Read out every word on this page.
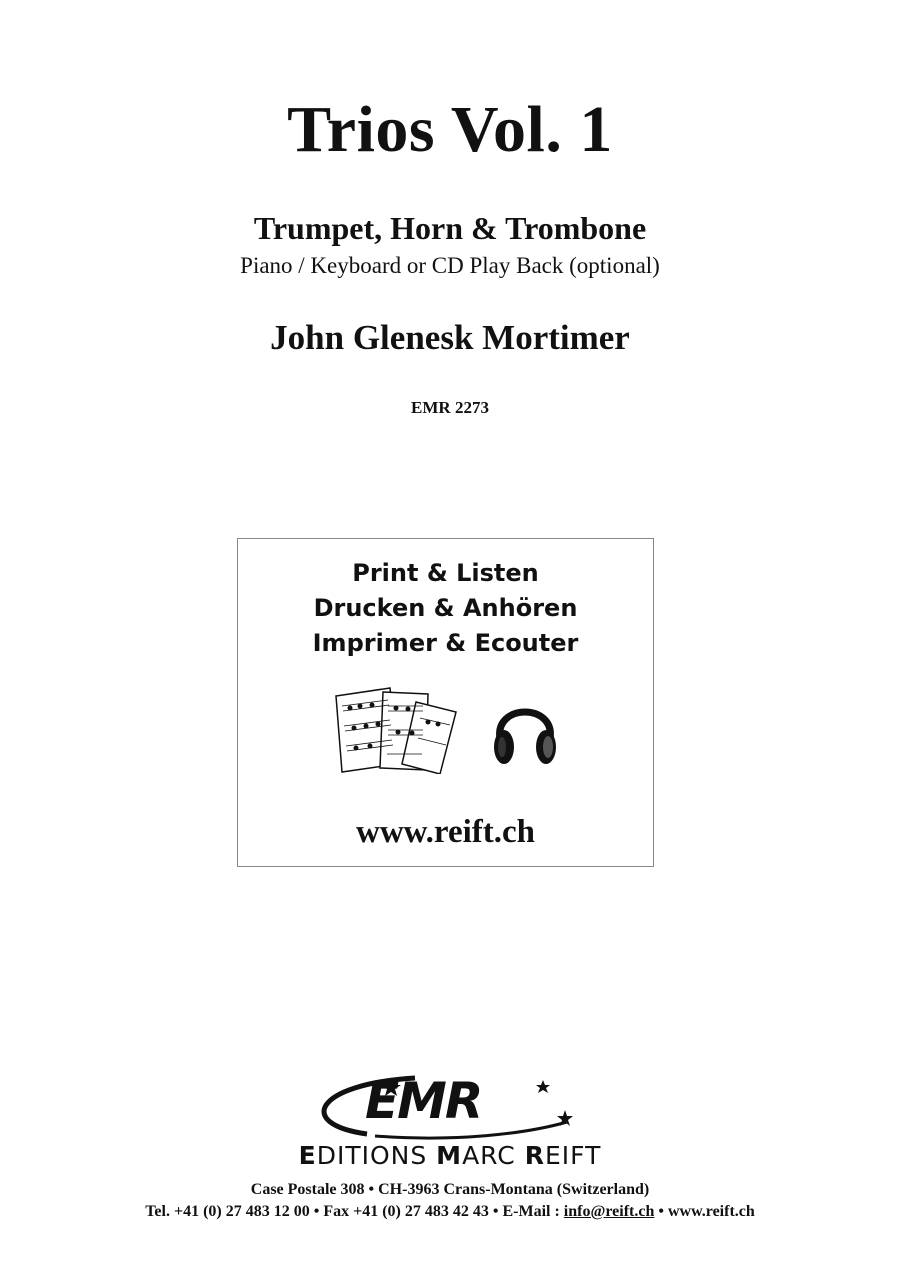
Trios Vol. 1
Trumpet, Horn & Trombone
Piano / Keyboard or CD Play Back (optional)
John Glenesk Mortimer
EMR 2273
Print & Listen
Drucken & Anhören
Imprimer & Ecouter
www.reift.ch
EMR
EDITIONS MARC REIFT
Case Postale 308 • CH-3963 Crans-Montana (Switzerland)
Tel. +41 (0) 27 483 12 00 • Fax +41 (0) 27 483 42 43 • E-Mail : info@reift.ch • www.reift.ch
